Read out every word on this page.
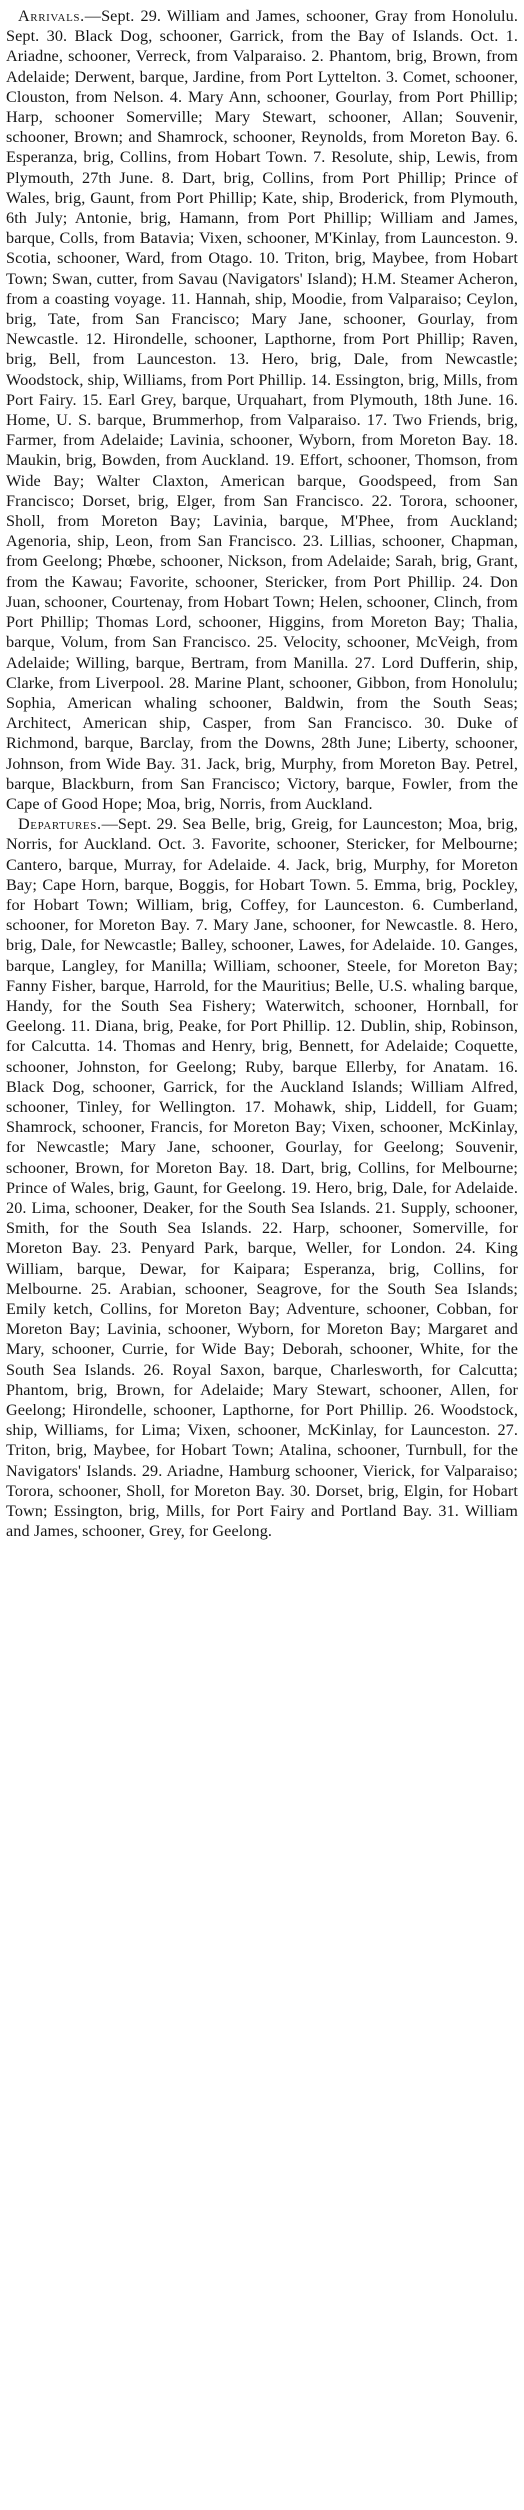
Arrivals.—Sept. 29. William and James, schooner, Gray from Honolulu. Sept. 30. Black Dog, schooner, Garrick, from the Bay of Islands. Oct. 1. Ariadne, schooner, Verreck, from Valparaiso. 2. Phantom, brig, Brown, from Adelaide; Derwent, barque, Jardine, from Port Lyttelton. 3. Comet, schooner, Clouston, from Nelson. 4. Mary Ann, schooner, Gourlay, from Port Phillip; Harp, schooner Somerville; Mary Stewart, schooner, Allan; Souvenir, schooner, Brown; and Shamrock, schooner, Reynolds, from Moreton Bay. 6. Esperanza, brig, Collins, from Hobart Town. 7. Resolute, ship, Lewis, from Plymouth, 27th June. 8. Dart, brig, Collins, from Port Phillip; Prince of Wales, brig, Gaunt, from Port Phillip; Kate, ship, Broderick, from Plymouth, 6th July; Antonie, brig, Hamann, from Port Phillip; William and James, barque, Colls, from Batavia; Vixen, schooner, M'Kinlay, from Launceston. 9. Scotia, schooner, Ward, from Otago. 10. Triton, brig, Maybee, from Hobart Town; Swan, cutter, from Savau (Navigators' Island); H.M. Steamer Acheron, from a coasting voyage. 11. Hannah, ship, Moodie, from Valparaiso; Ceylon, brig, Tate, from San Francisco; Mary Jane, schooner, Gourlay, from Newcastle. 12. Hirondelle, schooner, Lapthorne, from Port Phillip; Raven, brig, Bell, from Launceston. 13. Hero, brig, Dale, from Newcastle; Woodstock, ship, Williams, from Port Phillip. 14. Essington, brig, Mills, from Port Fairy. 15. Earl Grey, barque, Urquahart, from Plymouth, 18th June. 16. Home, U. S. barque, Brummerhop, from Valparaiso. 17. Two Friends, brig, Farmer, from Adelaide; Lavinia, schooner, Wyborn, from Moreton Bay. 18. Maukin, brig, Bowden, from Auckland. 19. Effort, schooner, Thomson, from Wide Bay; Walter Claxton, American barque, Goodspeed, from San Francisco; Dorset, brig, Elger, from San Francisco. 22. Torora, schooner, Sholl, from Moreton Bay; Lavinia, barque, M'Phee, from Auckland; Agenoria, ship, Leon, from San Francisco. 23. Lillias, schooner, Chapman, from Geelong; Phœbe, schooner, Nickson, from Adelaide; Sarah, brig, Grant, from the Kawau; Favorite, schooner, Stericker, from Port Phillip. 24. Don Juan, schooner, Courtenay, from Hobart Town; Helen, schooner, Clinch, from Port Phillip; Thomas Lord, schooner, Higgins, from Moreton Bay; Thalia, barque, Volum, from San Francisco. 25. Velocity, schooner, McVeigh, from Adelaide; Willing, barque, Bertram, from Manilla. 27. Lord Dufferin, ship, Clarke, from Liverpool. 28. Marine Plant, schooner, Gibbon, from Honolulu; Sophia, American whaling schooner, Baldwin, from the South Seas; Architect, American ship, Casper, from San Francisco. 30. Duke of Richmond, barque, Barclay, from the Downs, 28th June; Liberty, schooner, Johnson, from Wide Bay. 31. Jack, brig, Murphy, from Moreton Bay. Petrel, barque, Blackburn, from San Francisco; Victory, barque, Fowler, from the Cape of Good Hope; Moa, brig, Norris, from Auckland.

Departures.—Sept. 29. Sea Belle, brig, Greig, for Launceston; Moa, brig, Norris, for Auckland. Oct. 3. Favorite, schooner, Stericker, for Melbourne; Cantero, barque, Murray, for Adelaide. 4. Jack, brig, Murphy, for Moreton Bay; Cape Horn, barque, Boggis, for Hobart Town. 5. Emma, brig, Pockley, for Hobart Town; William, brig, Coffey, for Launceston. 6. Cumberland, schooner, for Moreton Bay. 7. Mary Jane, schooner, for Newcastle. 8. Hero, brig, Dale, for Newcastle; Balley, schooner, Lawes, for Adelaide. 10. Ganges, barque, Langley, for Manilla; William, schooner, Steele, for Moreton Bay; Fanny Fisher, barque, Harrold, for the Mauritius; Belle, U.S. whaling barque, Handy, for the South Sea Fishery; Waterwitch, schooner, Hornball, for Geelong. 11. Diana, brig, Peake, for Port Phillip. 12. Dublin, ship, Robinson, for Calcutta. 14. Thomas and Henry, brig, Bennett, for Adelaide; Coquette, schooner, Johnston, for Geelong; Ruby, barque Ellerby, for Anatam. 16. Black Dog, schooner, Garrick, for the Auckland Islands; William Alfred, schooner, Tinley, for Wellington. 17. Mohawk, ship, Liddell, for Guam; Shamrock, schooner, Francis, for Moreton Bay; Vixen, schooner, McKinlay, for Newcastle; Mary Jane, schooner, Gourlay, for Geelong; Souvenir, schooner, Brown, for Moreton Bay. 18. Dart, brig, Collins, for Melbourne; Prince of Wales, brig, Gaunt, for Geelong. 19. Hero, brig, Dale, for Adelaide. 20. Lima, schooner, Deaker, for the South Sea Islands. 21. Supply, schooner, Smith, for the South Sea Islands. 22. Harp, schooner, Somerville, for Moreton Bay. 23. Penyard Park, barque, Weller, for London. 24. King William, barque, Dewar, for Kaipara; Esperanza, brig, Collins, for Melbourne. 25. Arabian, schooner, Seagrove, for the South Sea Islands; Emily ketch, Collins, for Moreton Bay; Adventure, schooner, Cobban, for Moreton Bay; Lavinia, schooner, Wyborn, for Moreton Bay; Margaret and Mary, schooner, Currie, for Wide Bay; Deborah, schooner, White, for the South Sea Islands. 26. Royal Saxon, barque, Charlesworth, for Calcutta; Phantom, brig, Brown, for Adelaide; Mary Stewart, schooner, Allen, for Geelong; Hirondelle, schooner, Lapthorne, for Port Phillip. 26. Woodstock, ship, Williams, for Lima; Vixen, schooner, McKinlay, for Launceston. 27. Triton, brig, Maybee, for Hobart Town; Atalina, schooner, Turnbull, for the Navigators' Islands. 29. Ariadne, Hamburg schooner, Vierick, for Valparaiso; Torora, schooner, Sholl, for Moreton Bay. 30. Dorset, brig, Elgin, for Hobart Town; Essington, brig, Mills, for Port Fairy and Portland Bay. 31. William and James, schooner, Grey, for Geelong.
